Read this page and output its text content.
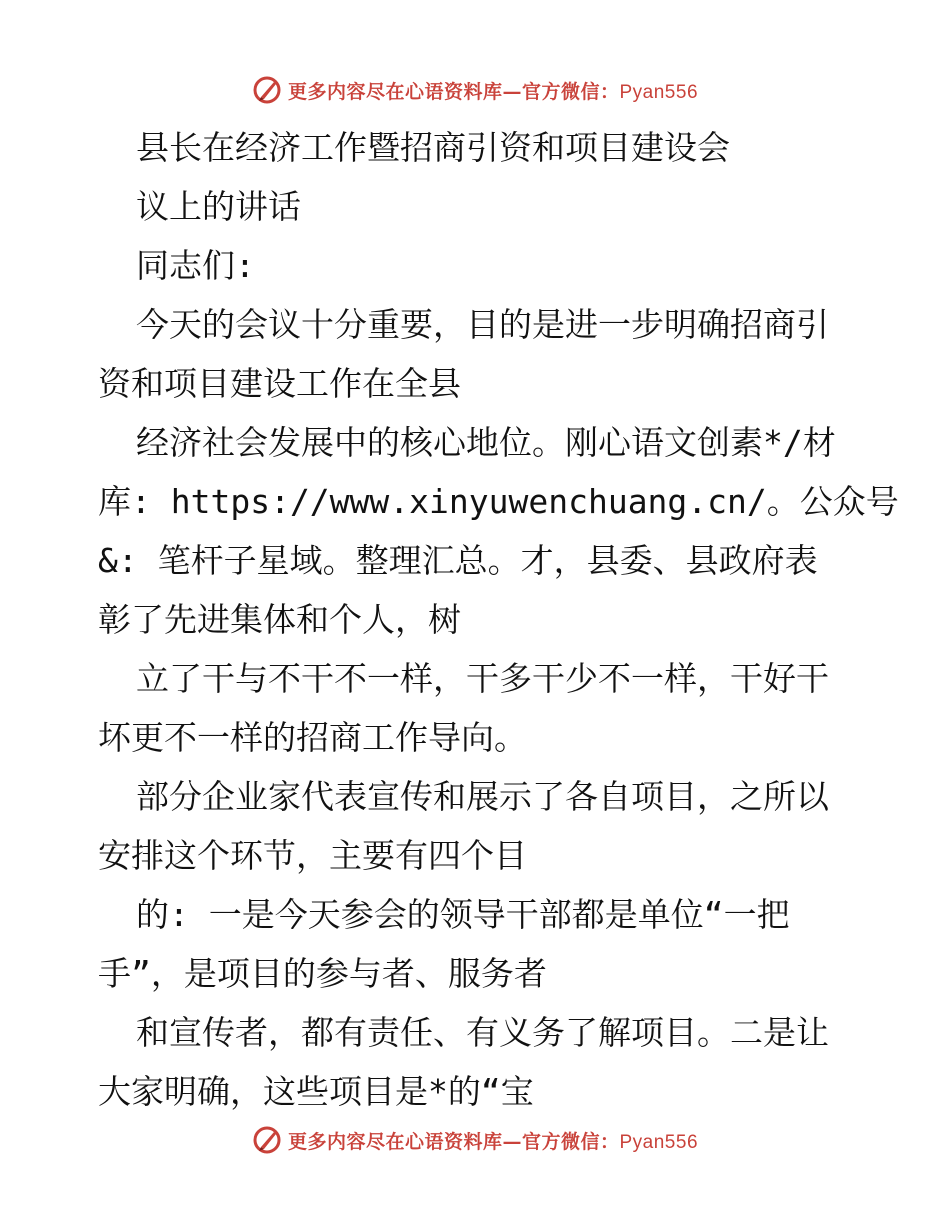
更多内容尽在心语资料库—官方微信：Pyan556
县长在经济工作暨招商引资和项目建设会
议上的讲话
同志们:
今天的会议十分重要，目的是进一步明确招商引
资和项目建设工作在全县
经济社会发展中的核心地位。刚心语文创素*/材
库: https://www.xinyuwenchuang.cn/。公众号
&: 笔杆子星域。整理汇总。才，县委、县政府表
彰了先进集体和个人，树
立了干与不干不一样，干多干少不一样，干好干
坏更不一样的招商工作导向。
部分企业家代表宣传和展示了各自项目，之所以
安排这个环节，主要有四个目
的: 一是今天参会的领导干部都是单位“一把
手”，是项目的参与者、服务者
和宣传者，都有责任、有义务了解项目。二是让
大家明确，这些项目是*的“宝
更多内容尽在心语资料库—官方微信：Pyan556
